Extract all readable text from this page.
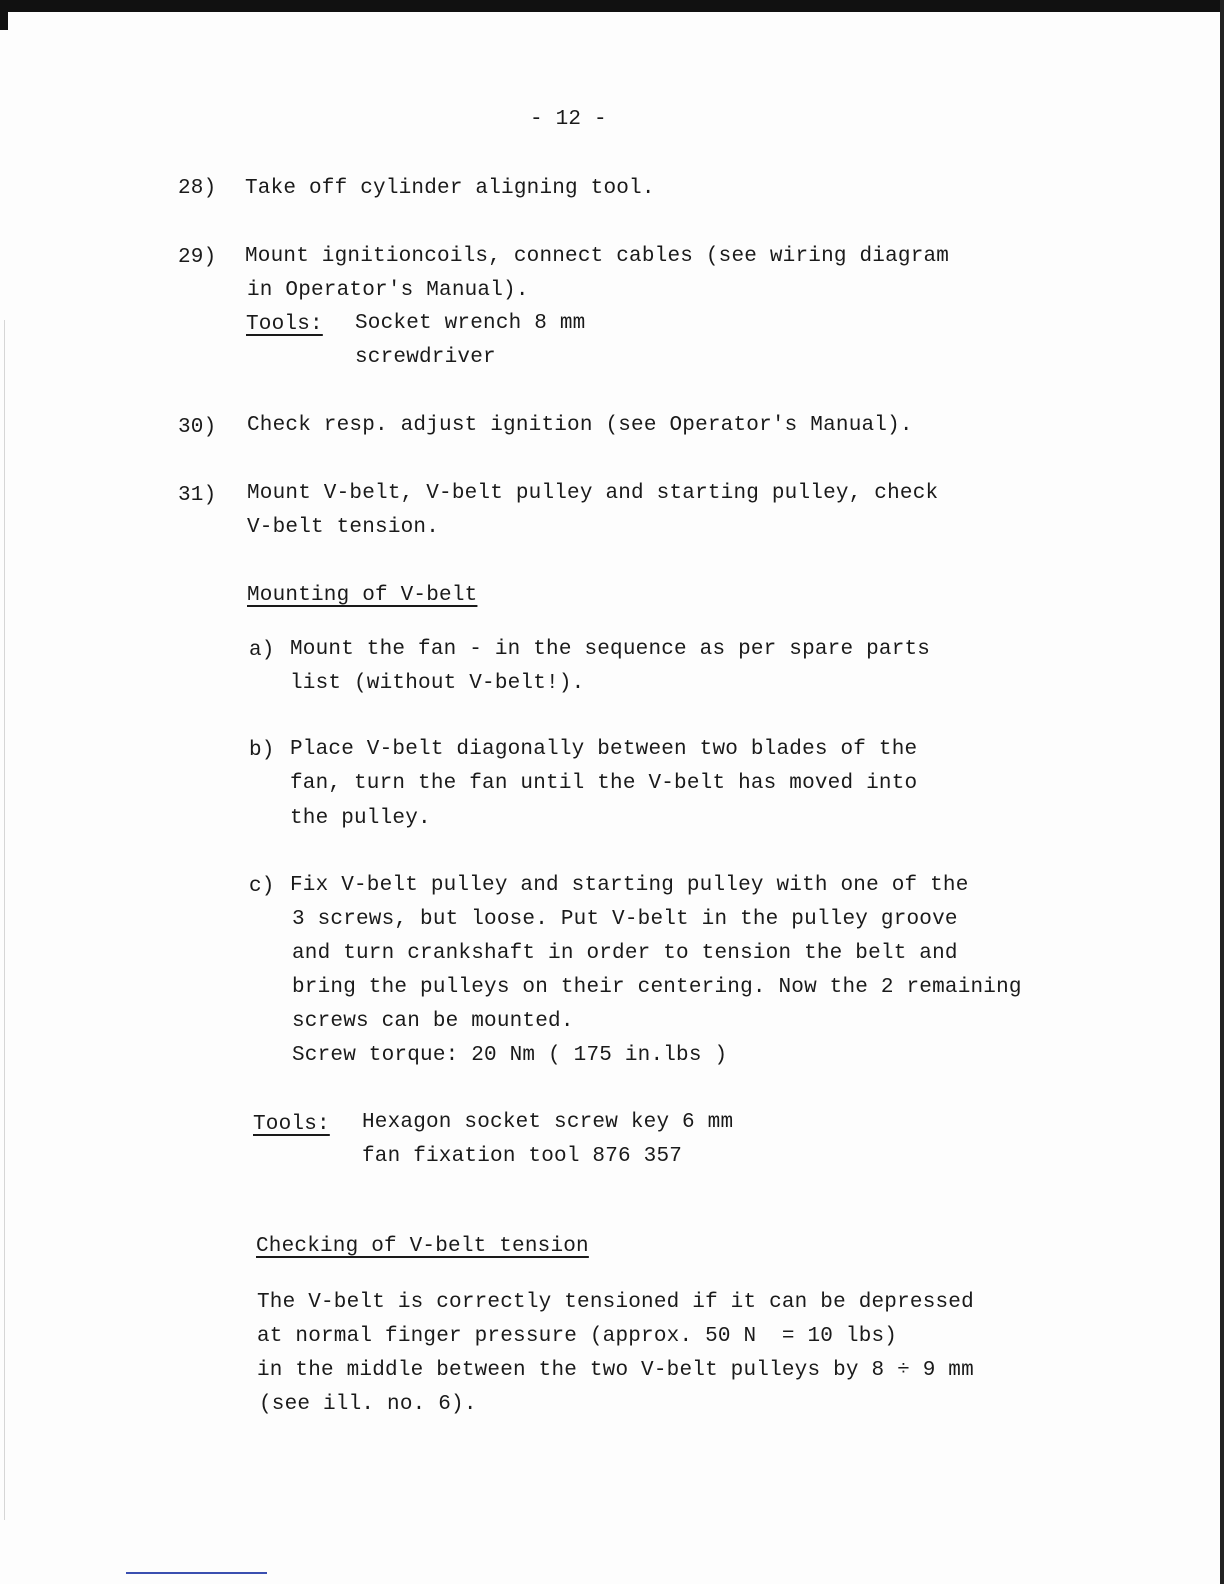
- 12 -
28) Take off cylinder aligning tool.
29) Mount ignitioncoils, connect cables (see wiring diagram
in Operator's Manual).
Tools: Socket wrench 8 mm
screwdriver
30) Check resp. adjust ignition (see Operator's Manual).
31) Mount V-belt, V-belt pulley and starting pulley, check
V-belt tension.
Mounting of V-belt
a) Mount the fan - in the sequence as per spare parts
list (without V-belt!).
b) Place V-belt diagonally between two blades of the
fan, turn the fan until the V-belt has moved into
the pulley.
c) Fix V-belt pulley and starting pulley with one of the
3 screws, but loose. Put V-belt in the pulley groove
and turn crankshaft in order to tension the belt and
bring the pulleys on their centering. Now the 2 remaining
screws can be mounted.
Screw torque: 20 Nm ( 175 in.lbs )
Tools: Hexagon socket screw key 6 mm
fan fixation tool 876 357
Checking of V-belt tension
The V-belt is correctly tensioned if it can be depressed
at normal finger pressure (approx. 50 N  = 10 lbs)
in the middle between the two V-belt pulleys by 8 ÷ 9 mm
(see ill. no. 6).
